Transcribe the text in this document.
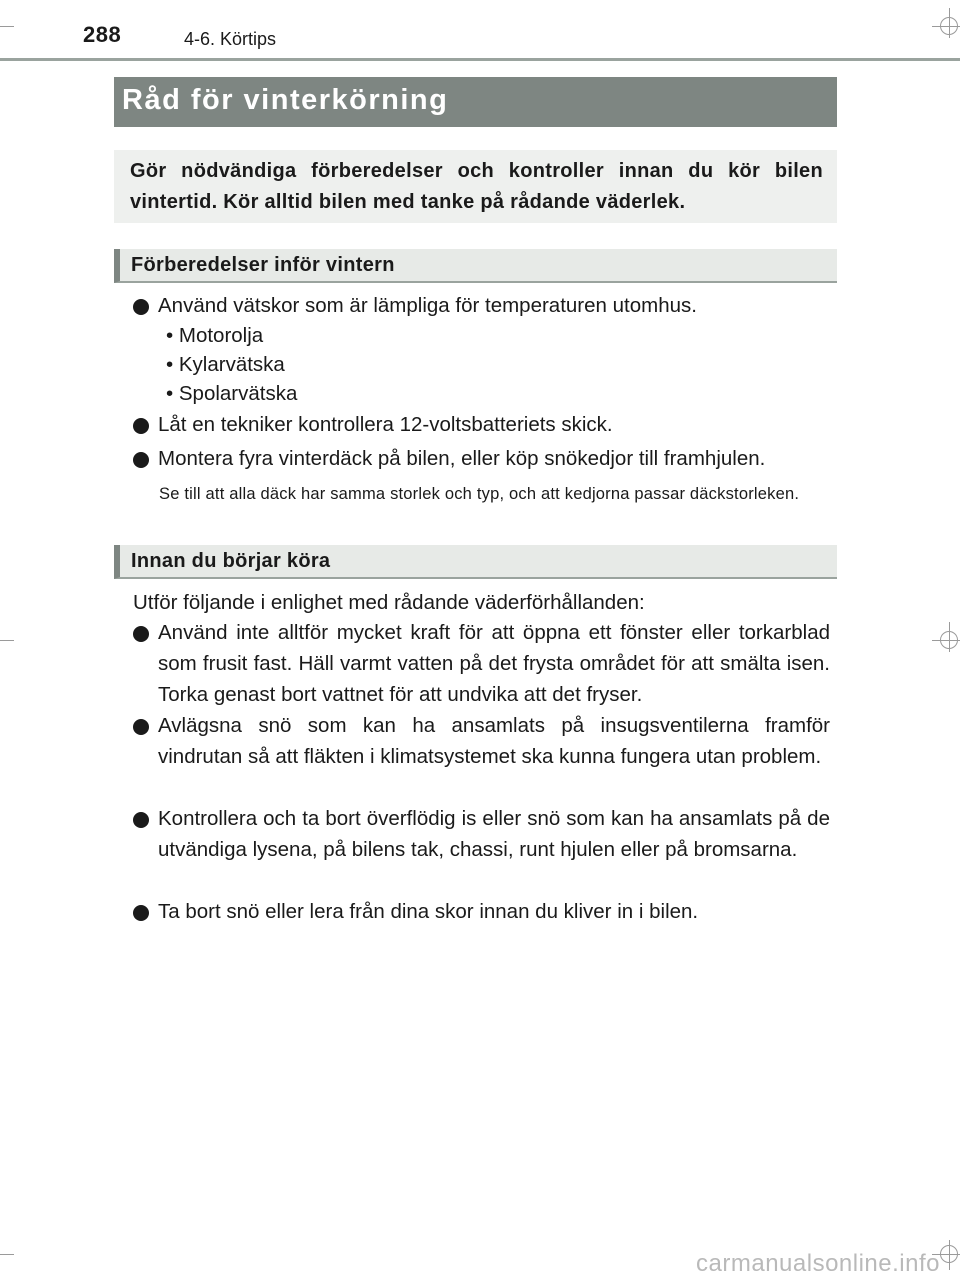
288	4-6. Körtips
Råd för vinterkörning
Gör nödvändiga förberedelser och kontroller innan du kör bilen vintertid. Kör alltid bilen med tanke på rådande väderlek.
Förberedelser inför vintern
Använd vätskor som är lämpliga för temperaturen utomhus.
• Motorolja
• Kylarvätska
• Spolarvätska
Låt en tekniker kontrollera 12-voltsbatteriets skick.
Montera fyra vinterdäck på bilen, eller köp snökedjor till framhjulen.
Se till att alla däck har samma storlek och typ, och att kedjorna passar däckstorleken.
Innan du börjar köra
Utför följande i enlighet med rådande väderförhållanden:
Använd inte alltför mycket kraft för att öppna ett fönster eller torkarblad som frusit fast. Häll varmt vatten på det frysta området för att smälta isen. Torka genast bort vattnet för att undvika att det fryser.
Avlägsna snö som kan ha ansamlats på insugsventilerna framför vindrutan så att fläkten i klimatsystemet ska kunna fungera utan problem.
Kontrollera och ta bort överflödig is eller snö som kan ha ansamlats på de utvändiga lysena, på bilens tak, chassi, runt hjulen eller på bromsarna.
Ta bort snö eller lera från dina skor innan du kliver in i bilen.
carmanualsonline.info
